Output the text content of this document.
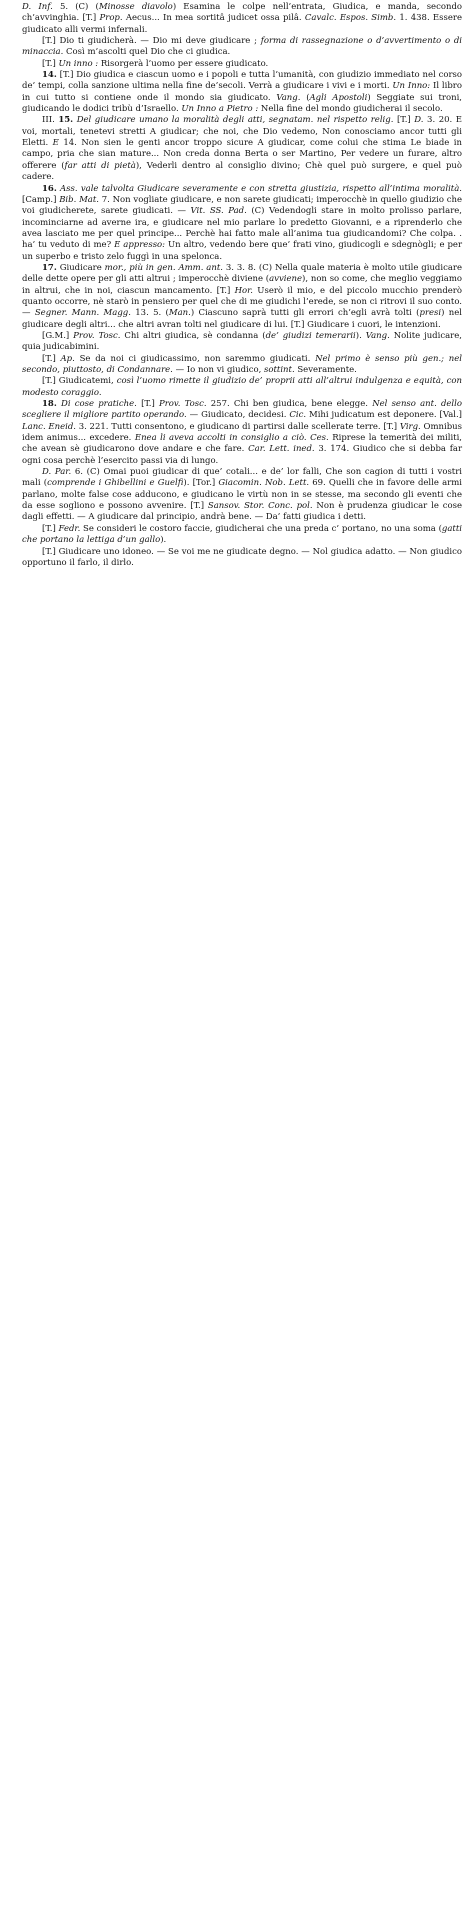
D. Inf. 5. (C) (Minosse diavolo) Esamina le colpe nell’entrata, Giudica, e manda, secondo ch’avvinghia. [T.] Prop. Aecus... In mea sortitâ judicet ossa pilâ. Cavalc. Espos. Simb. 1. 438. Essere giudicato alli vermi infernali.

[T.] Dio ti giudicherà. — Dio mi deve giudicare ; forma di rassegnazione o d’avvertimento o di minaccia. Così m’ascolti quel Dio che ci giudica.

[T.] Un inno : Risorgerà l’uomo per essere giudicato.

14. [T.] Dio giudica e ciascun uomo e i popoli e tutta l’umanità, con giudizio immediato nel corso de’ tempi, colla sanzione ultima nella fine de’secoli. Verrà a giudicare i vivi e i morti. Un Inno: Il libro in cui tutto si contiene onde il mondo sia giudicato. Vang. (Agli Apostoli) Seggiate sui troni, giudicando le dodici tribù d’Israello. Un Inno a Pietro : Nella fine del mondo giudicherai il secolo.

III. 15. Del giudicare umano la moralità degli atti, segnatam. nel rispetto relig. [T.] D. 3. 20. E voi, mortali, tenetevi stretti A giudicar; che noi, che Dio vedemo, Non conosciamo ancor tutti gli Eletti. E 14. Non sien le genti ancor troppo sicure A giudicar, come colui che stima Le biade in campo, pria che sian mature... Non creda donna Berta o ser Martino, Per vedere un furare, altro offerere (far atti di pietà), Vederli dentro al consiglio divino; Chè quel può surgere, e quel può cadere.

16. Ass. vale talvolta Giudicare severamente e con stretta giustizia, rispetto all’intima moralità. [Camp.] Bib. Mat. 7. Non vogliate giudicare, e non sarete giudicati; imperocchè in quello giudizio che voi giudicherete, sarete giudicati. — Vit. SS. Pad. (C) Vedendogli stare in molto prolisso parlare, incominciarne ad averne ira, e giudicare nel mio parlare lo predetto Giovanni, e a riprenderlo che avea lasciato me per quel principe... Perchè hai fatto male all’anima tua giudicandomi? Che colpa. . ha’ tu veduto di me? E appresso: Un altro, vedendo bere que’ frati vino, giudicogli e sdegnògli; e per un superbo e tristo zelo fuggì in una spelonca.

17. Giudicare mor., più in gen. Amm. ant. 3. 3. 8. (C) Nella quale materia è molto utile giudicare delle dette opere per gli atti altrui ; imperocchè diviene (avviene), non so come, che meglio veggiamo in altrui, che in noi, ciascun mancamento. [T.] Hor. Userò il mio, e del piccolo mucchio prenderò quanto occorre, nè starò in pensiero per quel che di me giudichi l’erede, se non ci ritrovi il suo conto. — Segner. Mann. Magg. 13. 5. (Man.) Ciascuno saprà tutti gli errori ch’egli avrà tolti (presi) nel giudicare degli altri... che altri avran tolti nel giudicare di lui. [T.] Giudicare i cuori, le intenzioni.

[G.M.] Prov. Tosc. Chi altri giudica, sè condanna (de’ giudizi temerarii). Vang. Nolite judicare, quia judicabimini.

[T.] Ap. Se da noi ci giudicassimo, non saremmo giudicati. Nel primo è senso più gen.; nel secondo, piuttosto, di Condannare. — Io non vi giudico, sottint. Severamente.

[T.] Giudicatemi, così l’uomo rimette il giudizio de’ proprii atti all’altrui indulgenza e equità, con modesto coraggio.

18. Di cose pratiche. [T.] Prov. Tosc. 257. Chi ben giudica, bene elegge. Nel senso ant. dello scegliere il migliore partito operando. — Giudicato, decidesi. Cic. Mihi judicatum est deponere. [Val.] Lanc. Eneid. 3. 221. Tutti consentono, e giudicano di partirsi dalle scellerate terre. [T.] Virg. Omnibus idem animus... excedere. Enea li aveva accolti in consiglio a ciò. Ces. Riprese la temerità dei militi, che avean sè giudicarono dove andare e che fare. Car. Lett. ined. 3. 174. Giudico che si debba far ogni cosa perchè l’esercito passi via di lungo.

D. Par. 6. (C) Omai puoi giudicar di que’ cotali... e de’ lor falli, Che son cagion di tutti i vostri mali (comprende i Ghibellini e Guelfi). [Tor.] Giacomin. Nob. Lett. 69. Quelli che in favore delle armi parlano, molte false cose adducono, e giudicano le virtù non in se stesse, ma secondo gli eventi che da esse sogliono e possono avvenire. [T.] Sansov. Stor. Conc. pol. Non è prudenza giudicar le cose dagli effetti. — A giudicare dal principio, andrà bene. — Da’ fatti giudica i detti.

[T.] Fedr. Se consideri le costoro faccie, giudicherai che una preda c’ portano, no una soma (gatti che portano la lettiga d’un gallo).

[T.] Giudicare uno idoneo. — Se voi me ne giudicate degno. — Nol giudica adatto. — Non giudico opportuno il farlo, il dirlo.
